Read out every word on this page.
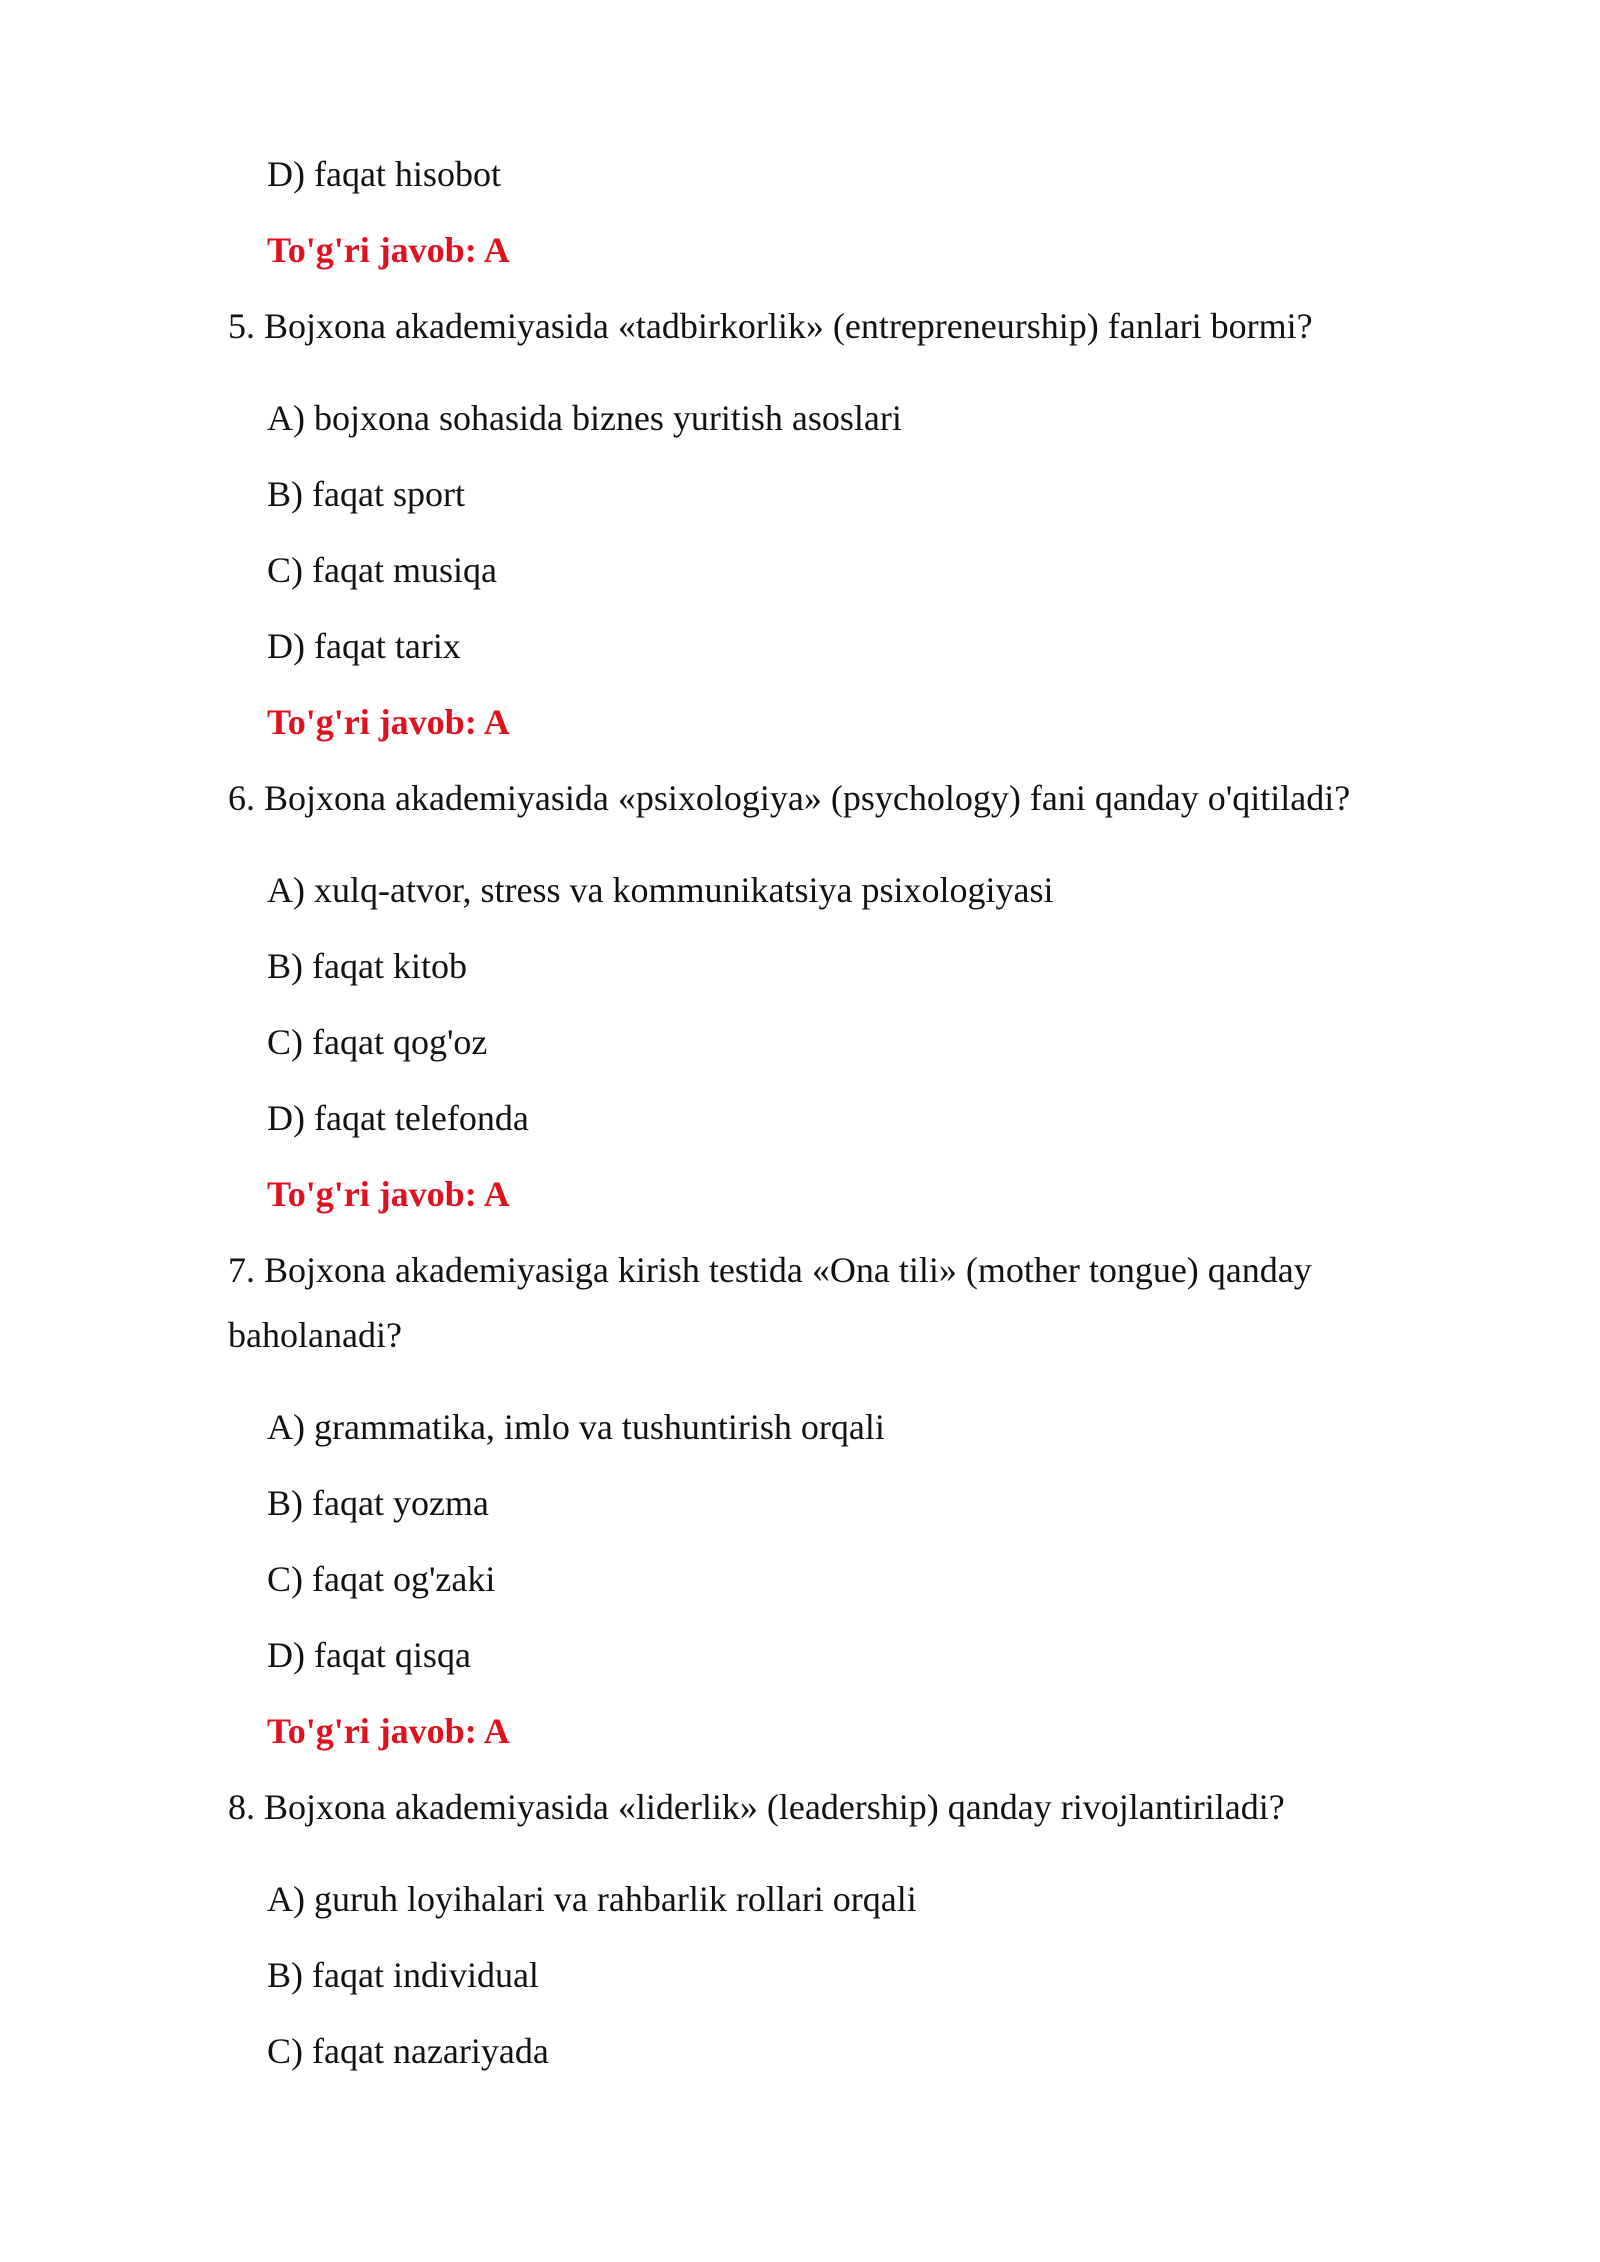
D) faqat hisobot

To'g'ri javob: A

5. Bojxona akademiyasida «tadbirkorlik» (entrepreneurship) fanlari bormi?

A) bojxona sohasida biznes yuritish asoslari

B) faqat sport

C) faqat musiqa

D) faqat tarix

To'g'ri javob: A

6. Bojxona akademiyasida «psixologiya» (psychology) fani qanday o'qitiladi?

A) xulq-atvor, stress va kommunikatsiya psixologiyasi

B) faqat kitob

C) faqat qog'oz

D) faqat telefonda

To'g'ri javob: A

7. Bojxona akademiyasiga kirish testida «Ona tili» (mother tongue) qanday

baholanadi?

A) grammatika, imlo va tushuntirish orqali

B) faqat yozma

C) faqat og'zaki

D) faqat qisqa

To'g'ri javob: A

8. Bojxona akademiyasida «liderlik» (leadership) qanday rivojlantiriladi?

A) guruh loyihalari va rahbarlik rollari orqali

B) faqat individual

C) faqat nazariyada
